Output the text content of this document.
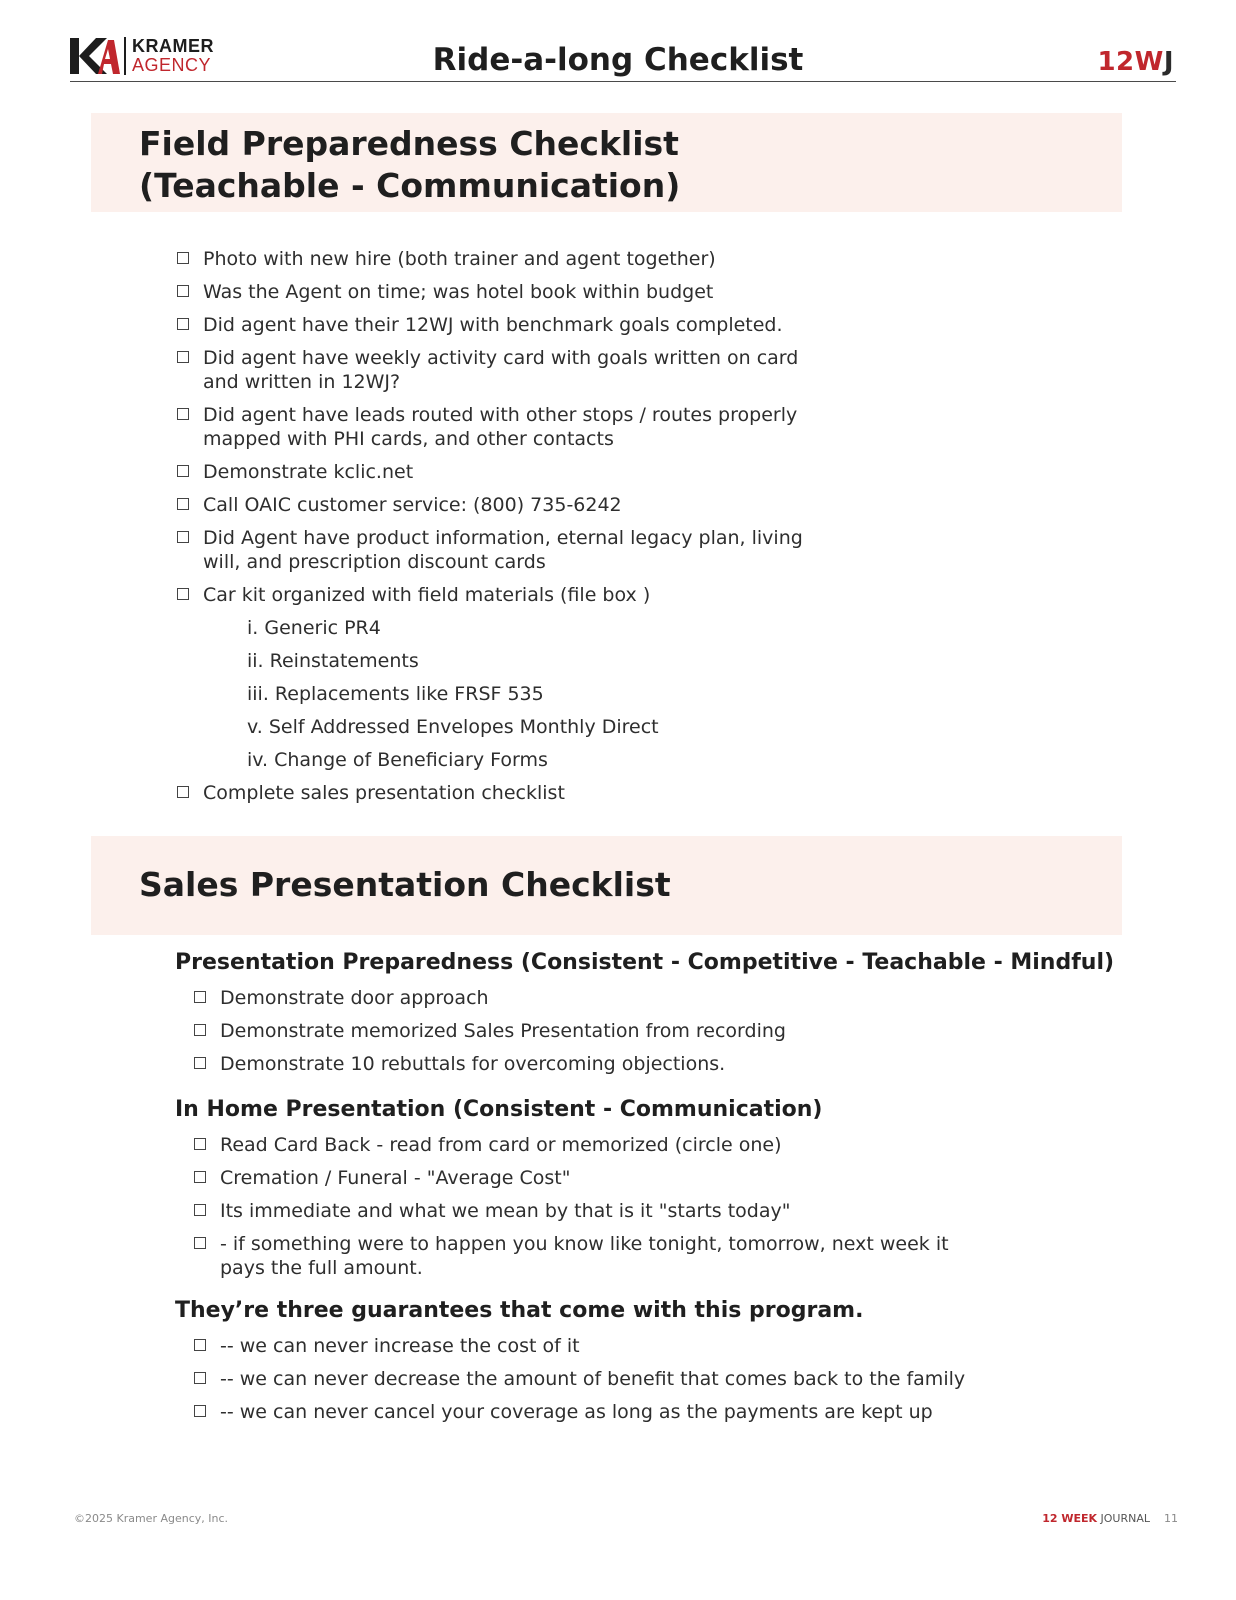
KRAMER
AGENCY	Ride-a-long Checklist	12WJ
Field Preparedness Checklist
(Teachable - Communication)
Photo with new hire (both trainer and agent together)
Was the Agent on time; was hotel book within budget
Did agent have their 12WJ with benchmark goals completed.
Did agent have weekly activity card with goals written on card and written in 12WJ?
Did agent have leads routed with other stops / routes properly mapped with PHI cards, and other contacts
Demonstrate kclic.net
Call OAIC customer service: (800) 735-6242
Did Agent have product information, eternal legacy plan, living will, and prescription discount cards
Car kit organized with field materials (file box )
i. Generic PR4
ii. Reinstatements
iii. Replacements like FRSF 535
v. Self Addressed Envelopes Monthly Direct
iv. Change of Beneficiary Forms
Complete sales presentation checklist
Sales Presentation Checklist
Presentation Preparedness (Consistent - Competitive - Teachable - Mindful)
Demonstrate door approach
Demonstrate memorized Sales Presentation from recording
Demonstrate 10 rebuttals for overcoming objections.
In Home Presentation (Consistent - Communication)
Read Card Back - read from card or memorized (circle one)
Cremation / Funeral - "Average Cost"
Its immediate and what we mean by that is it "starts today"
- if something were to happen you know like tonight, tomorrow, next week it pays the full amount.
They’re three guarantees that come with this program.
-- we can never increase the cost of it
-- we can never decrease the amount of benefit that comes back to the family
-- we can never cancel your coverage as long as the payments are kept up
©2025 Kramer Agency, Inc.	12 WEEK JOURNAL 11
